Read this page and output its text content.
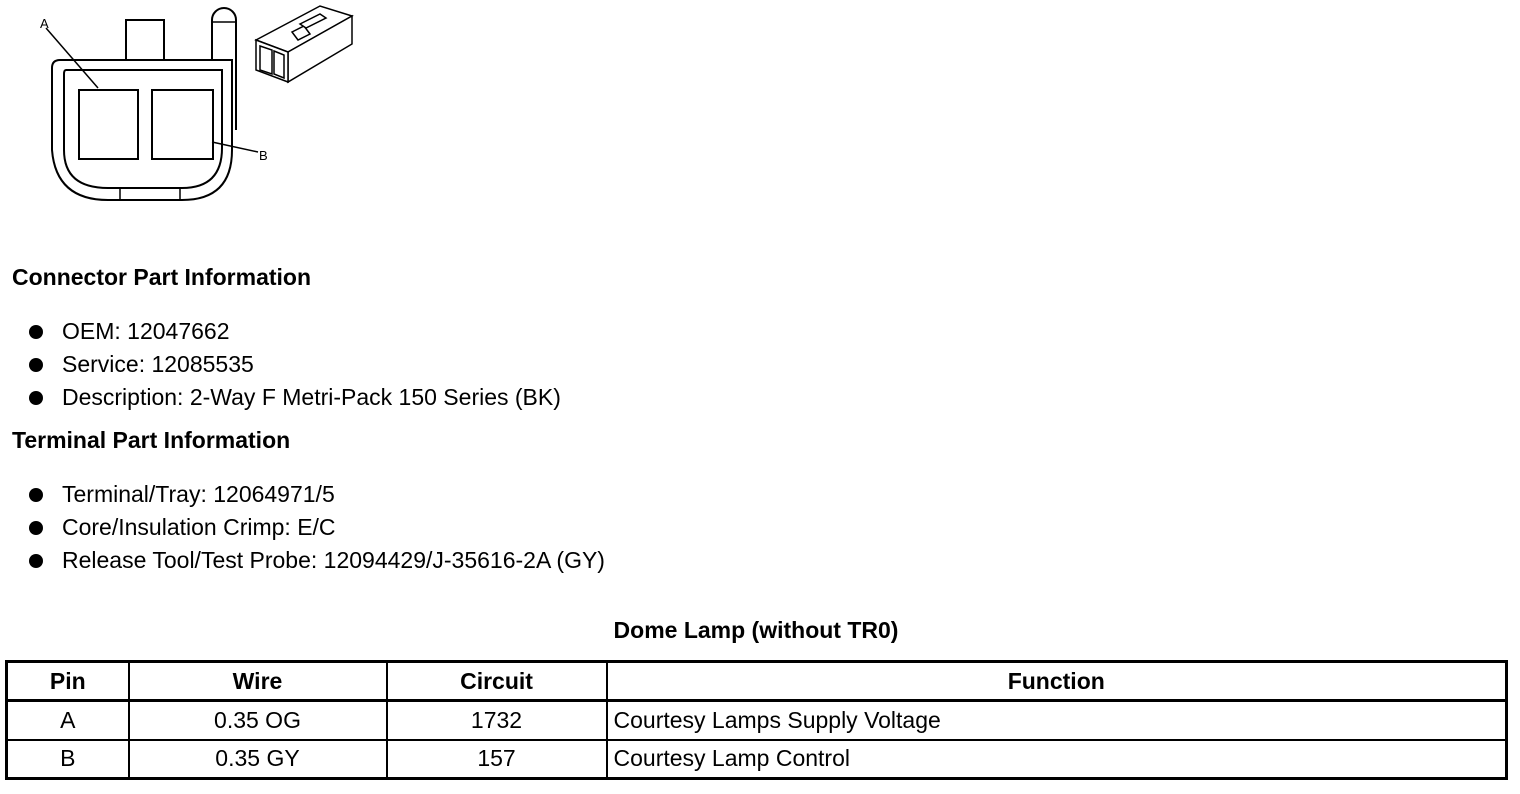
A
B
Connector Part Information
OEM: 12047662
Service: 12085535
Description: 2-Way F Metri-Pack 150 Series (BK)
Terminal Part Information
Terminal/Tray: 12064971/5
Core/Insulation Crimp: E/C
Release Tool/Test Probe: 12094429/J-35616-2A (GY)
Dome Lamp (without TR0)
Pin	Wire	Circuit	Function
A	0.35 OG	1732	Courtesy Lamps Supply Voltage
B	0.35 GY	157	Courtesy Lamp Control
